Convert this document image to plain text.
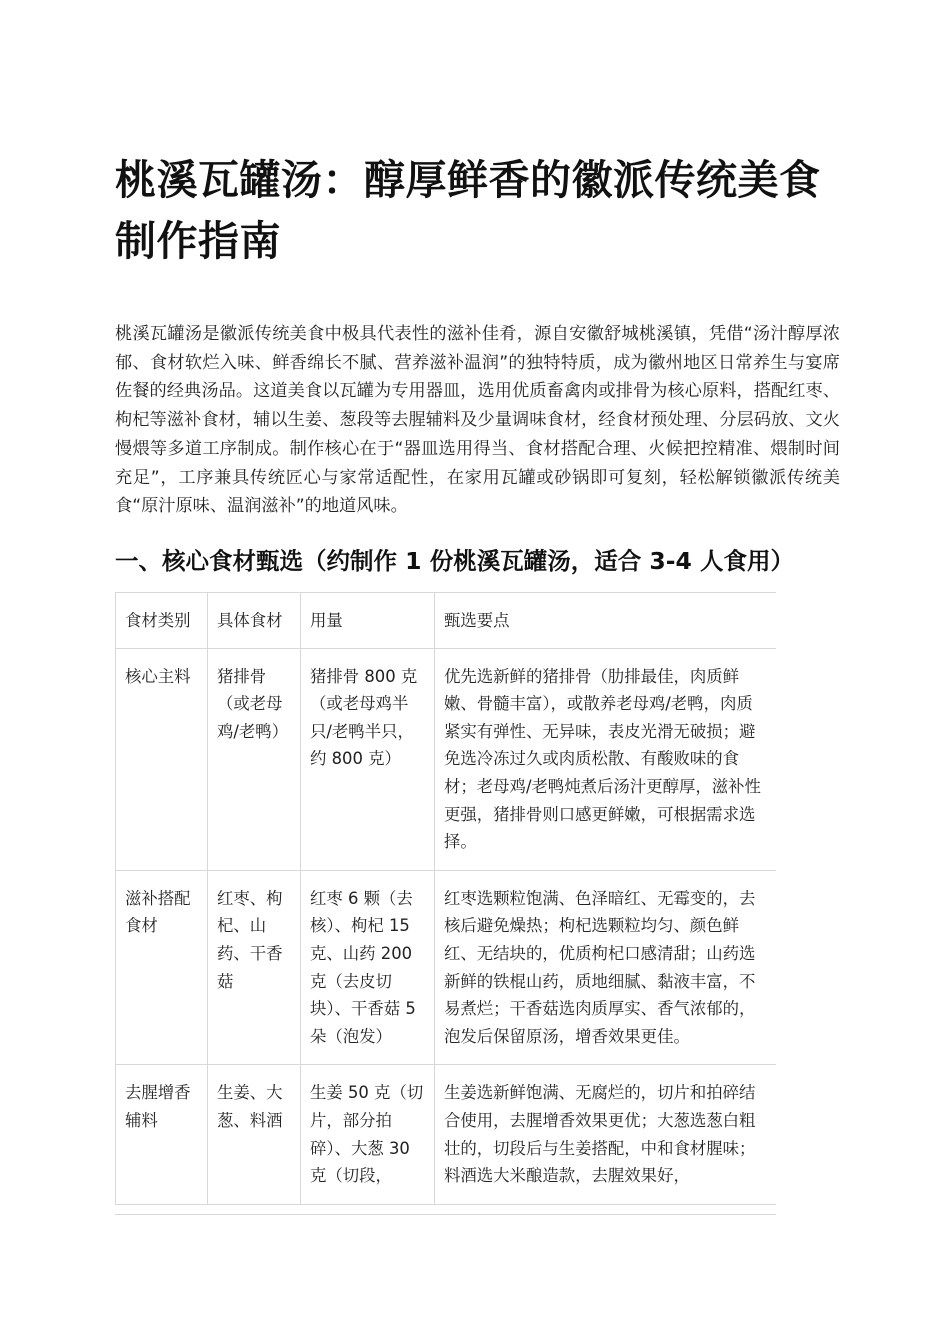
桃溪瓦罐汤：醇厚鲜香的徽派传统美食制作指南

桃溪瓦罐汤是徽派传统美食中极具代表性的滋补佳肴，源自安徽舒城桃溪镇，凭借“汤汁醇厚浓郁、食材软烂入味、鲜香绵长不腻、营养滋补温润”的独特特质，成为徽州地区日常养生与宴席佐餐的经典汤品。这道美食以瓦罐为专用器皿，选用优质畜禽肉或排骨为核心原料，搭配红枣、枸杞等滋补食材，辅以生姜、葱段等去腥辅料及少量调味食材，经食材预处理、分层码放、文火慢煨等多道工序制成。制作核心在于“器皿选用得当、食材搭配合理、火候把控精准、煨制时间充足”，工序兼具传统匠心与家常适配性，在家用瓦罐或砂锅即可复刻，轻松解锁徽派传统美食“原汁原味、温润滋补”的地道风味。

一、核心食材甄选（约制作 1 份桃溪瓦罐汤，适合 3-4 人食用）
食材类别	具体食材	用量	甄选要点
核心主料	猪排骨（或老母鸡/老鸭）	猪排骨 800 克（或老母鸡半只/老鸭半只，约 800 克）	优先选新鲜的猪排骨（肋排最佳，肉质鲜嫩、骨髓丰富），或散养老母鸡/老鸭，肉质紧实有弹性、无异味，表皮光滑无破损；避免选冷冻过久或肉质松散、有酸败味的食材；老母鸡/老鸭炖煮后汤汁更醇厚，滋补性更强，猪排骨则口感更鲜嫩，可根据需求选择。
滋补搭配食材	红枣、枸杞、山药、干香菇	红枣 6 颗（去核）、枸杞 15 克、山药 200 克（去皮切块）、干香菇 5 朵（泡发）	红枣选颗粒饱满、色泽暗红、无霉变的，去核后避免燥热；枸杞选颗粒均匀、颜色鲜红、无结块的，优质枸杞口感清甜；山药选新鲜的铁棍山药，质地细腻、黏液丰富，不易煮烂；干香菇选肉质厚实、香气浓郁的，泡发后保留原汤，增香效果更佳。
去腥增香辅料	生姜、大葱、料酒	生姜 50 克（切片，部分拍碎）、大葱 30 克（切段，	生姜选新鲜饱满、无腐烂的，切片和拍碎结合使用，去腥增香效果更优；大葱选葱白粗壮的，切段后与生姜搭配，中和食材腥味；料酒选大米酿造款，去腥效果好，
